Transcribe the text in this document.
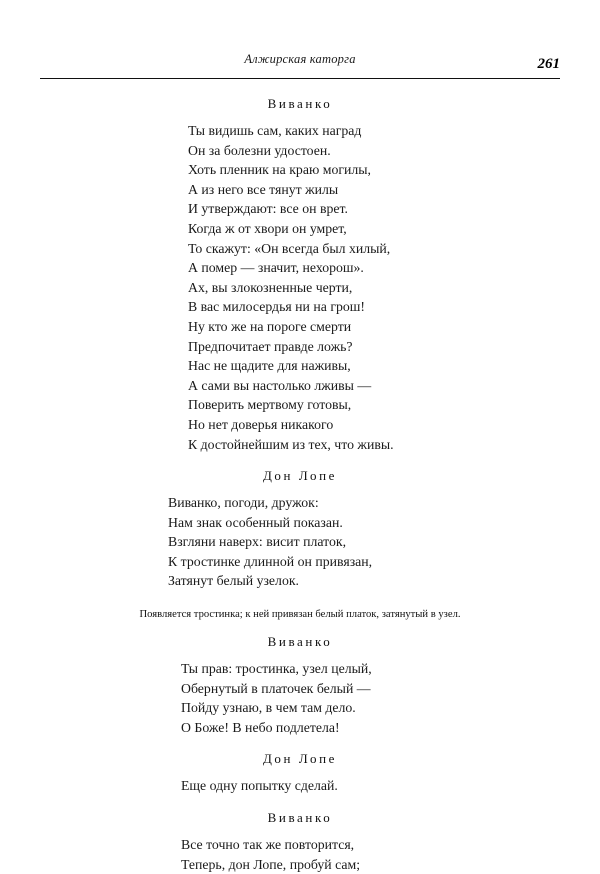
Алжирская каторга	261
Виванко
Ты видишь сам, каких наград
Он за болезни удостоен.
Хоть пленник на краю могилы,
А из него все тянут жилы
И утверждают: все он врет.
Когда ж от хвори он умрет,
То скажут: «Он всегда был хилый,
А помер — значит, нехорош».
Ах, вы злокозненные черти,
В вас милосердья ни на грош!
Ну кто же на пороге смерти
Предпочитает правде ложь?
Нас не щадите для наживы,
А сами вы настолько лживы —
Поверить мертвому готовы,
Но нет доверья никакого
К достойнейшим из тех, что живы.
Дон Лопе
Виванко, погоди, дружок:
Нам знак особенный показан.
Взгляни наверх: висит платок,
К тростинке длинной он привязан,
Затянут белый узелок.
Появляется тростинка; к ней привязан белый платок, затянутый в узел.
Виванко
Ты прав: тростинка, узел целый,
Обернутый в платочек белый —
Пойду узнаю, в чем там дело.
О Боже! В небо подлетела!
Дон Лопе
Еще одну попытку сделай.
Виванко
Все точно так же повторится,
Теперь, дон Лопе, пробуй сам;
